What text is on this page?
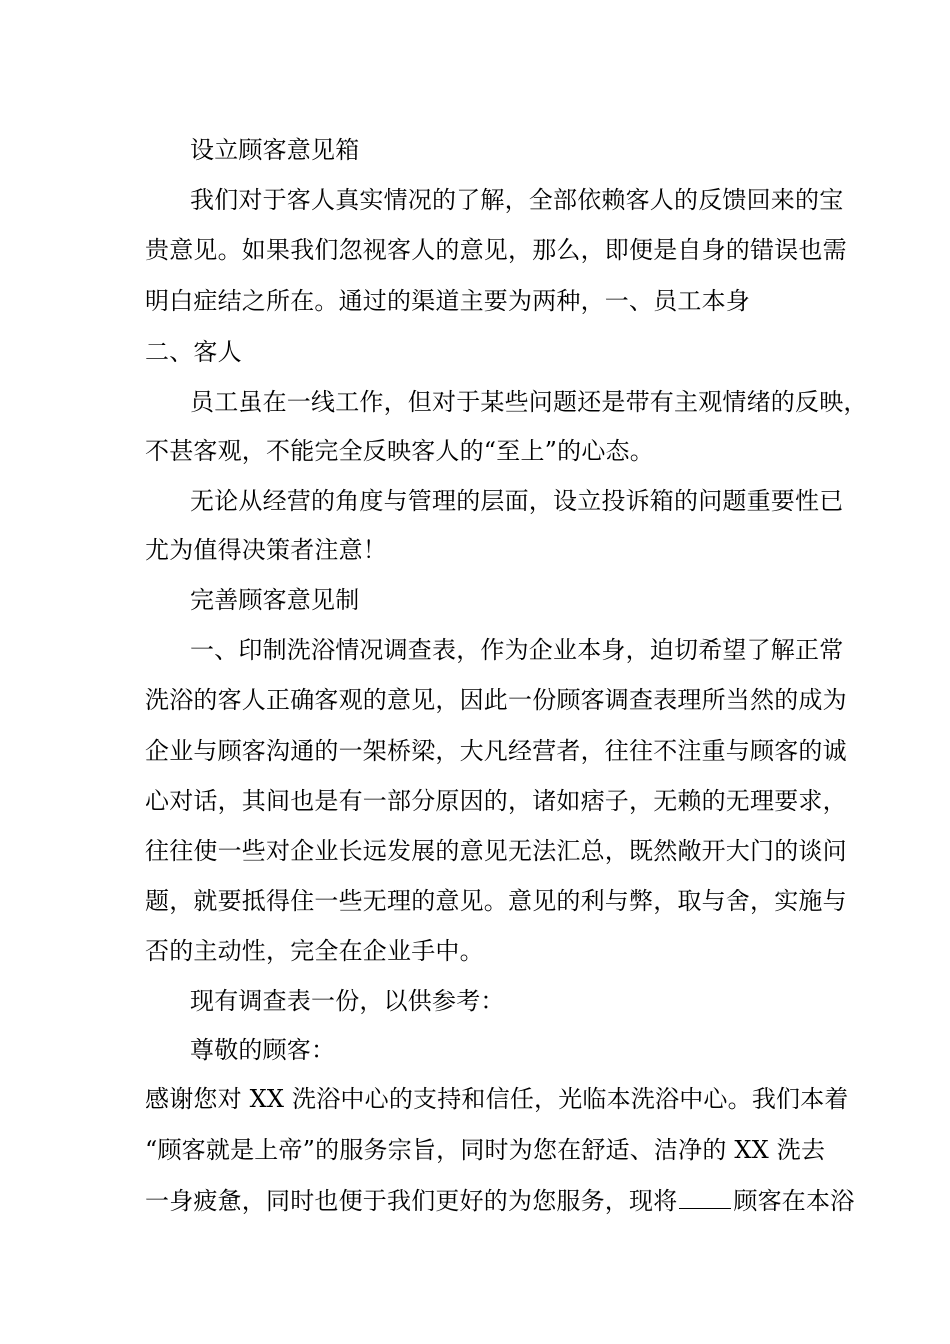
设立顾客意见箱
我们对于客人真实情况的了解，全部依赖客人的反馈回来的宝
贵意见。如果我们忽视客人的意见，那么，即便是自身的错误也需
明白症结之所在。通过的渠道主要为两种，一、员工本身
二、客人
员工虽在一线工作，但对于某些问题还是带有主观情绪的反映，
不甚客观，不能完全反映客人的“至上”的心态。
无论从经营的角度与管理的层面，设立投诉箱的问题重要性已
尤为值得决策者注意！
完善顾客意见制
一、印制洗浴情况调查表，作为企业本身，迫切希望了解正常
洗浴的客人正确客观的意见，因此一份顾客调查表理所当然的成为
企业与顾客沟通的一架桥梁，大凡经营者，往往不注重与顾客的诚
心对话，其间也是有一部分原因的，诸如痞子，无赖的无理要求，
往往使一些对企业长远发展的意见无法汇总，既然敞开大门的谈问
题，就要抵得住一些无理的意见。意见的利与弊，取与舍，实施与
否的主动性，完全在企业手中。
现有调查表一份，以供参考：
尊敬的顾客：
感谢您对 XX 洗浴中心的支持和信任，光临本洗浴中心。我们本着
“顾客就是上帝”的服务宗旨，同时为您在舒适、洁净的 XX 洗去
一身疲惫，同时也便于我们更好的为您服务，现将 顾客在本浴
